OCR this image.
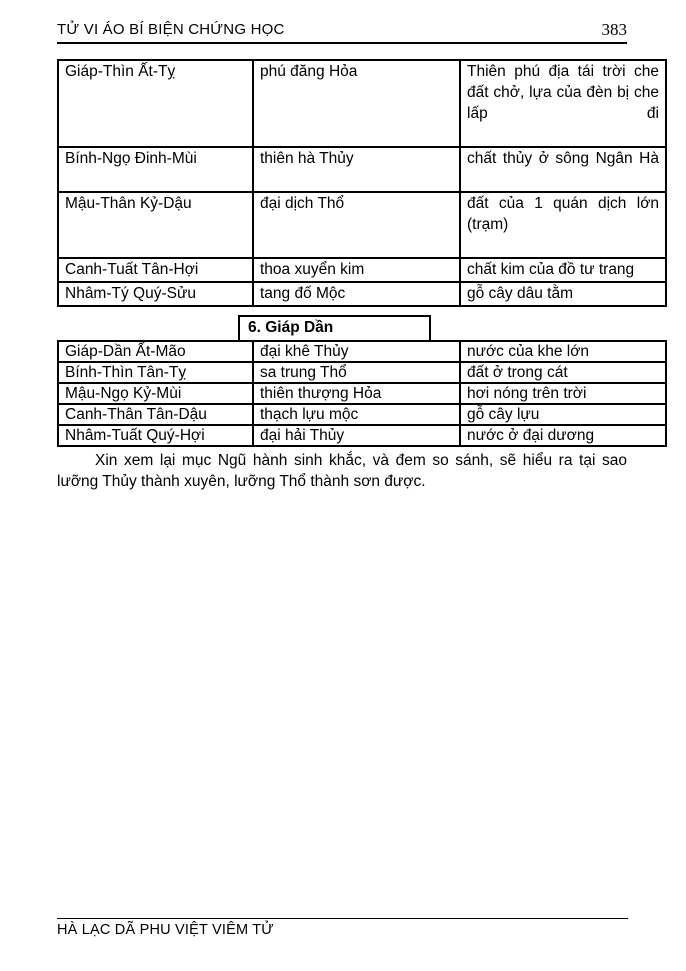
TỬ VI ÁO BÍ BIỆN CHỨNG HỌC	383
Giáp-Thìn Ất-Tỵ	phú đăng Hỏa	Thiên phú địa tái trời che đất chở, lựa của đèn bị che lấp đi
Bính-Ngọ Đinh-Mùi	thiên hà Thủy	chất thủy ở sông Ngân Hà
Mậu-Thân Kỷ-Dậu	đại dịch Thổ	đất của 1 quán dịch lớn (trạm)
Canh-Tuất Tân-Hợi	thoa xuyển kim	chất kim của đồ tư trang
Nhâm-Tý Quý-Sửu	tang đố Mộc	gỗ cây dâu tằm
6. Giáp Dần
Giáp-Dần Ất-Mão	đại khê Thủy	nước của khe lớn
Bính-Thìn Tân-Tỵ	sa trung Thổ	đất ở trong cát
Mậu-Ngọ Kỷ-Mùi	thiên thượng Hỏa	hơi nóng trên trời
Canh-Thân Tân-Dậu	thạch lựu mộc	gỗ cây lựu
Nhâm-Tuất Quý-Hợi	đại hải Thủy	nước ở đại dương

Xin xem lại mục Ngũ hành sinh khắc, và đem so sánh, sẽ hiểu ra tại sao lưỡng Thủy thành xuyên, lưỡng Thổ thành sơn được.

HÀ LẠC DÃ PHU VIỆT VIÊM TỬ
